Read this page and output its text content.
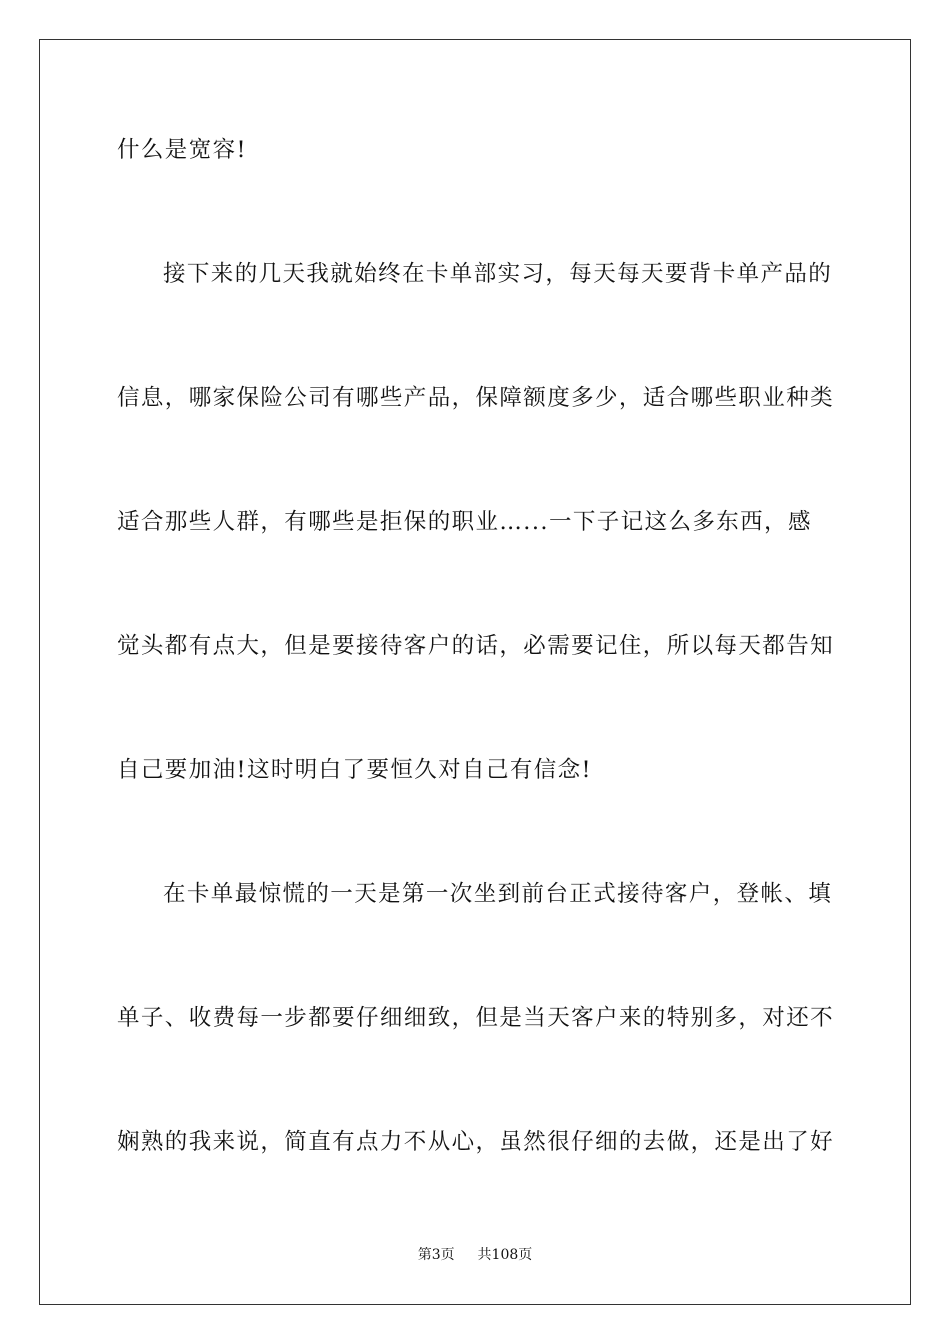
什么是宽容!
接下来的几天我就始终在卡单部实习，每天每天要背卡单产品的
信息，哪家保险公司有哪些产品，保障额度多少，适合哪些职业种类
适合那些人群，有哪些是拒保的职业…...一下子记这么多东西，感
觉头都有点大，但是要接待客户的话，必需要记住，所以每天都告知
自己要加油!这时明白了要恒久对自己有信念!
在卡单最惊慌的一天是第一次坐到前台正式接待客户，登帐、填
单子、收费每一步都要仔细细致，但是当天客户来的特别多，对还不
娴熟的我来说，简直有点力不从心，虽然很仔细的去做，还是出了好
第3页 共108页
